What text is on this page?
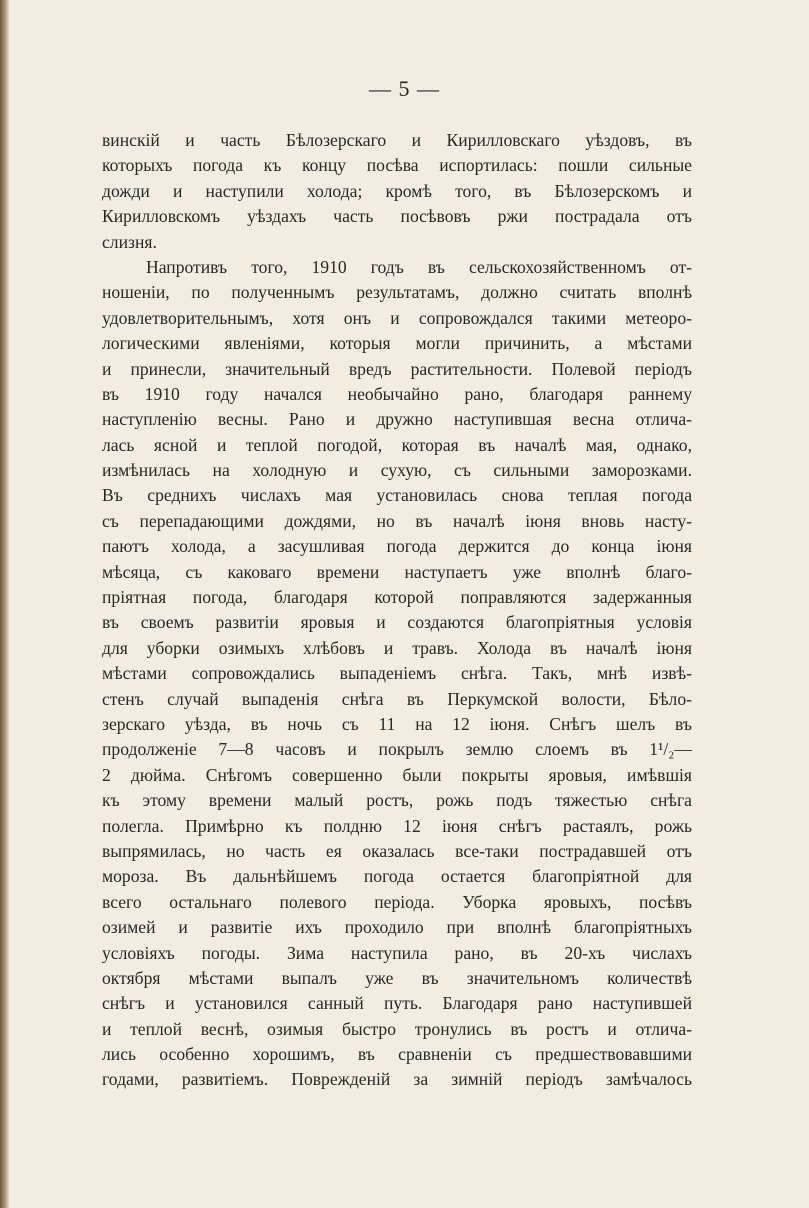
— 5 —
винскій и часть Бѣлозерскаго и Кирилловскаго уѣздовъ, въ
которыхъ погода къ концу посѣва испортилась: пошли сильные
дожди и наступили холода; кромѣ того, въ Бѣлозерскомъ и
Кирилловскомъ уѣздахъ часть посѣвовъ ржи пострадала отъ
слизня.
Напротивъ того, 1910 годъ въ сельскохозяйственномъ от-
ношеніи, по полученнымъ результатамъ, должно считать вполнѣ
удовлетворительнымъ, хотя онъ и сопровождался такими метеоро-
логическими явленіями, которыя могли причинить, а мѣстами
и принесли, значительный вредъ растительности. Полевой періодъ
въ 1910 году начался необычайно рано, благодаря раннему
наступленію весны. Рано и дружно наступившая весна отлича-
лась ясной и теплой погодой, которая въ началѣ мая, однако,
измѣнилась на холодную и сухую, съ сильными заморозками.
Въ среднихъ числахъ мая установилась снова теплая погода
съ перепадающими дождями, но въ началѣ іюня вновь насту-
паютъ холода, а засушливая погода держится до конца іюня
мѣсяца, съ каковаго времени наступаетъ уже вполнѣ благо-
пріятная погода, благодаря которой поправляются задержанныя
въ своемъ развитіи яровыя и создаются благопріятныя условія
для уборки озимыхъ хлѣбовъ и травъ. Холода въ началѣ іюня
мѣстами сопровождались выпаденіемъ снѣга. Такъ, мнѣ извѣ-
стенъ случай выпаденія снѣга въ Перкумской волости, Бѣло-
зерскаго уѣзда, въ ночь съ 11 на 12 іюня. Снѣгъ шелъ въ
продолженіе 7—8 часовъ и покрылъ землю слоемъ въ 1¹/₂—
2 дюйма. Снѣгомъ совершенно были покрыты яровыя, имѣвшія
къ этому времени малый ростъ, рожь подъ тяжестью снѣга
полегла. Примѣрно къ полдню 12 іюня снѣгъ растаялъ, рожь
выпрямилась, но часть ея оказалась все-таки пострадавшей отъ
мороза. Въ дальнѣйшемъ погода остается благопріятной для
всего остальнаго полевого періода. Уборка яровыхъ, посѣвъ
озимей и развитіе ихъ проходило при вполнѣ благопріятныхъ
условіяхъ погоды. Зима наступила рано, въ 20-хъ числахъ
октября мѣстами выпалъ уже въ значительномъ количествѣ
снѣгъ и установился санный путь. Благодаря рано наступившей
и теплой веснѣ, озимыя быстро тронулись въ ростъ и отлича-
лись особенно хорошимъ, въ сравненіи съ предшествовавшими
годами, развитіемъ. Поврежденій за зимній періодъ замѣчалось
